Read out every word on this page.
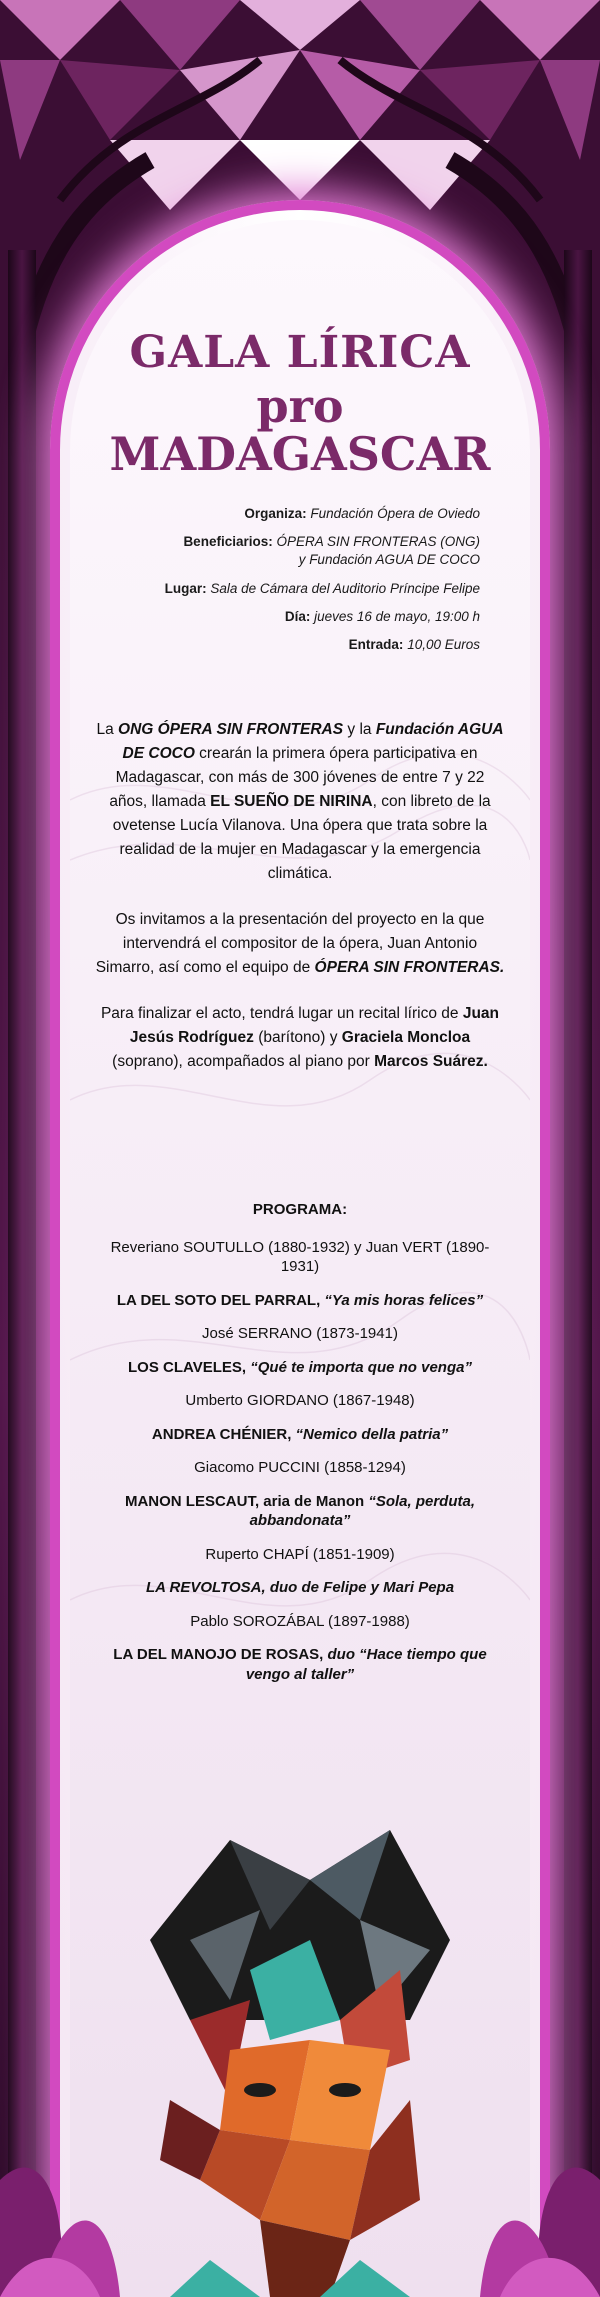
GALA LÍRICA
pro MADAGASCAR
Organiza: Fundación Ópera de Oviedo
Beneficiarios: ÓPERA SIN FRONTERAS (ONG)
y Fundación AGUA DE COCO
Lugar: Sala de Cámara del Auditorio Príncipe Felipe
Día: jueves 16 de mayo, 19:00 h
Entrada: 10,00 Euros

La ONG ÓPERA SIN FRONTERAS y la Fundación AGUA DE COCO crearán la primera ópera participativa en Madagascar, con más de 300 jóvenes de entre 7 y 22 años, llamada EL SUEÑO DE NIRINA, con libreto de la ovetense Lucía Vilanova. Una ópera que trata sobre la realidad de la mujer en Madagascar y la emergencia climática.

Os invitamos a la presentación del proyecto en la que intervendrá el compositor de la ópera, Juan Antonio Simarro, así como el equipo de ÓPERA SIN FRONTERAS.

Para finalizar el acto, tendrá lugar un recital lírico de Juan Jesús Rodríguez (barítono) y Graciela Moncloa (soprano), acompañados al piano por Marcos Suárez.

PROGRAMA:
Reveriano SOUTULLO (1880-1932) y Juan VERT (1890-1931)
LA DEL SOTO DEL PARRAL, “Ya mis horas felices”
José SERRANO (1873-1941)
LOS CLAVELES, “Qué te importa que no venga”
Umberto GIORDANO (1867-1948)
ANDREA CHÉNIER, “Nemico della patria”
Giacomo PUCCINI (1858-1294)
MANON LESCAUT, aria de Manon “Sola, perduta, abbandonata”
Ruperto CHAPÍ (1851-1909)
LA REVOLTOSA, duo de Felipe y Mari Pepa
Pablo SOROZÁBAL (1897-1988)
LA DEL MANOJO DE ROSAS, duo “Hace tiempo que vengo al taller”
